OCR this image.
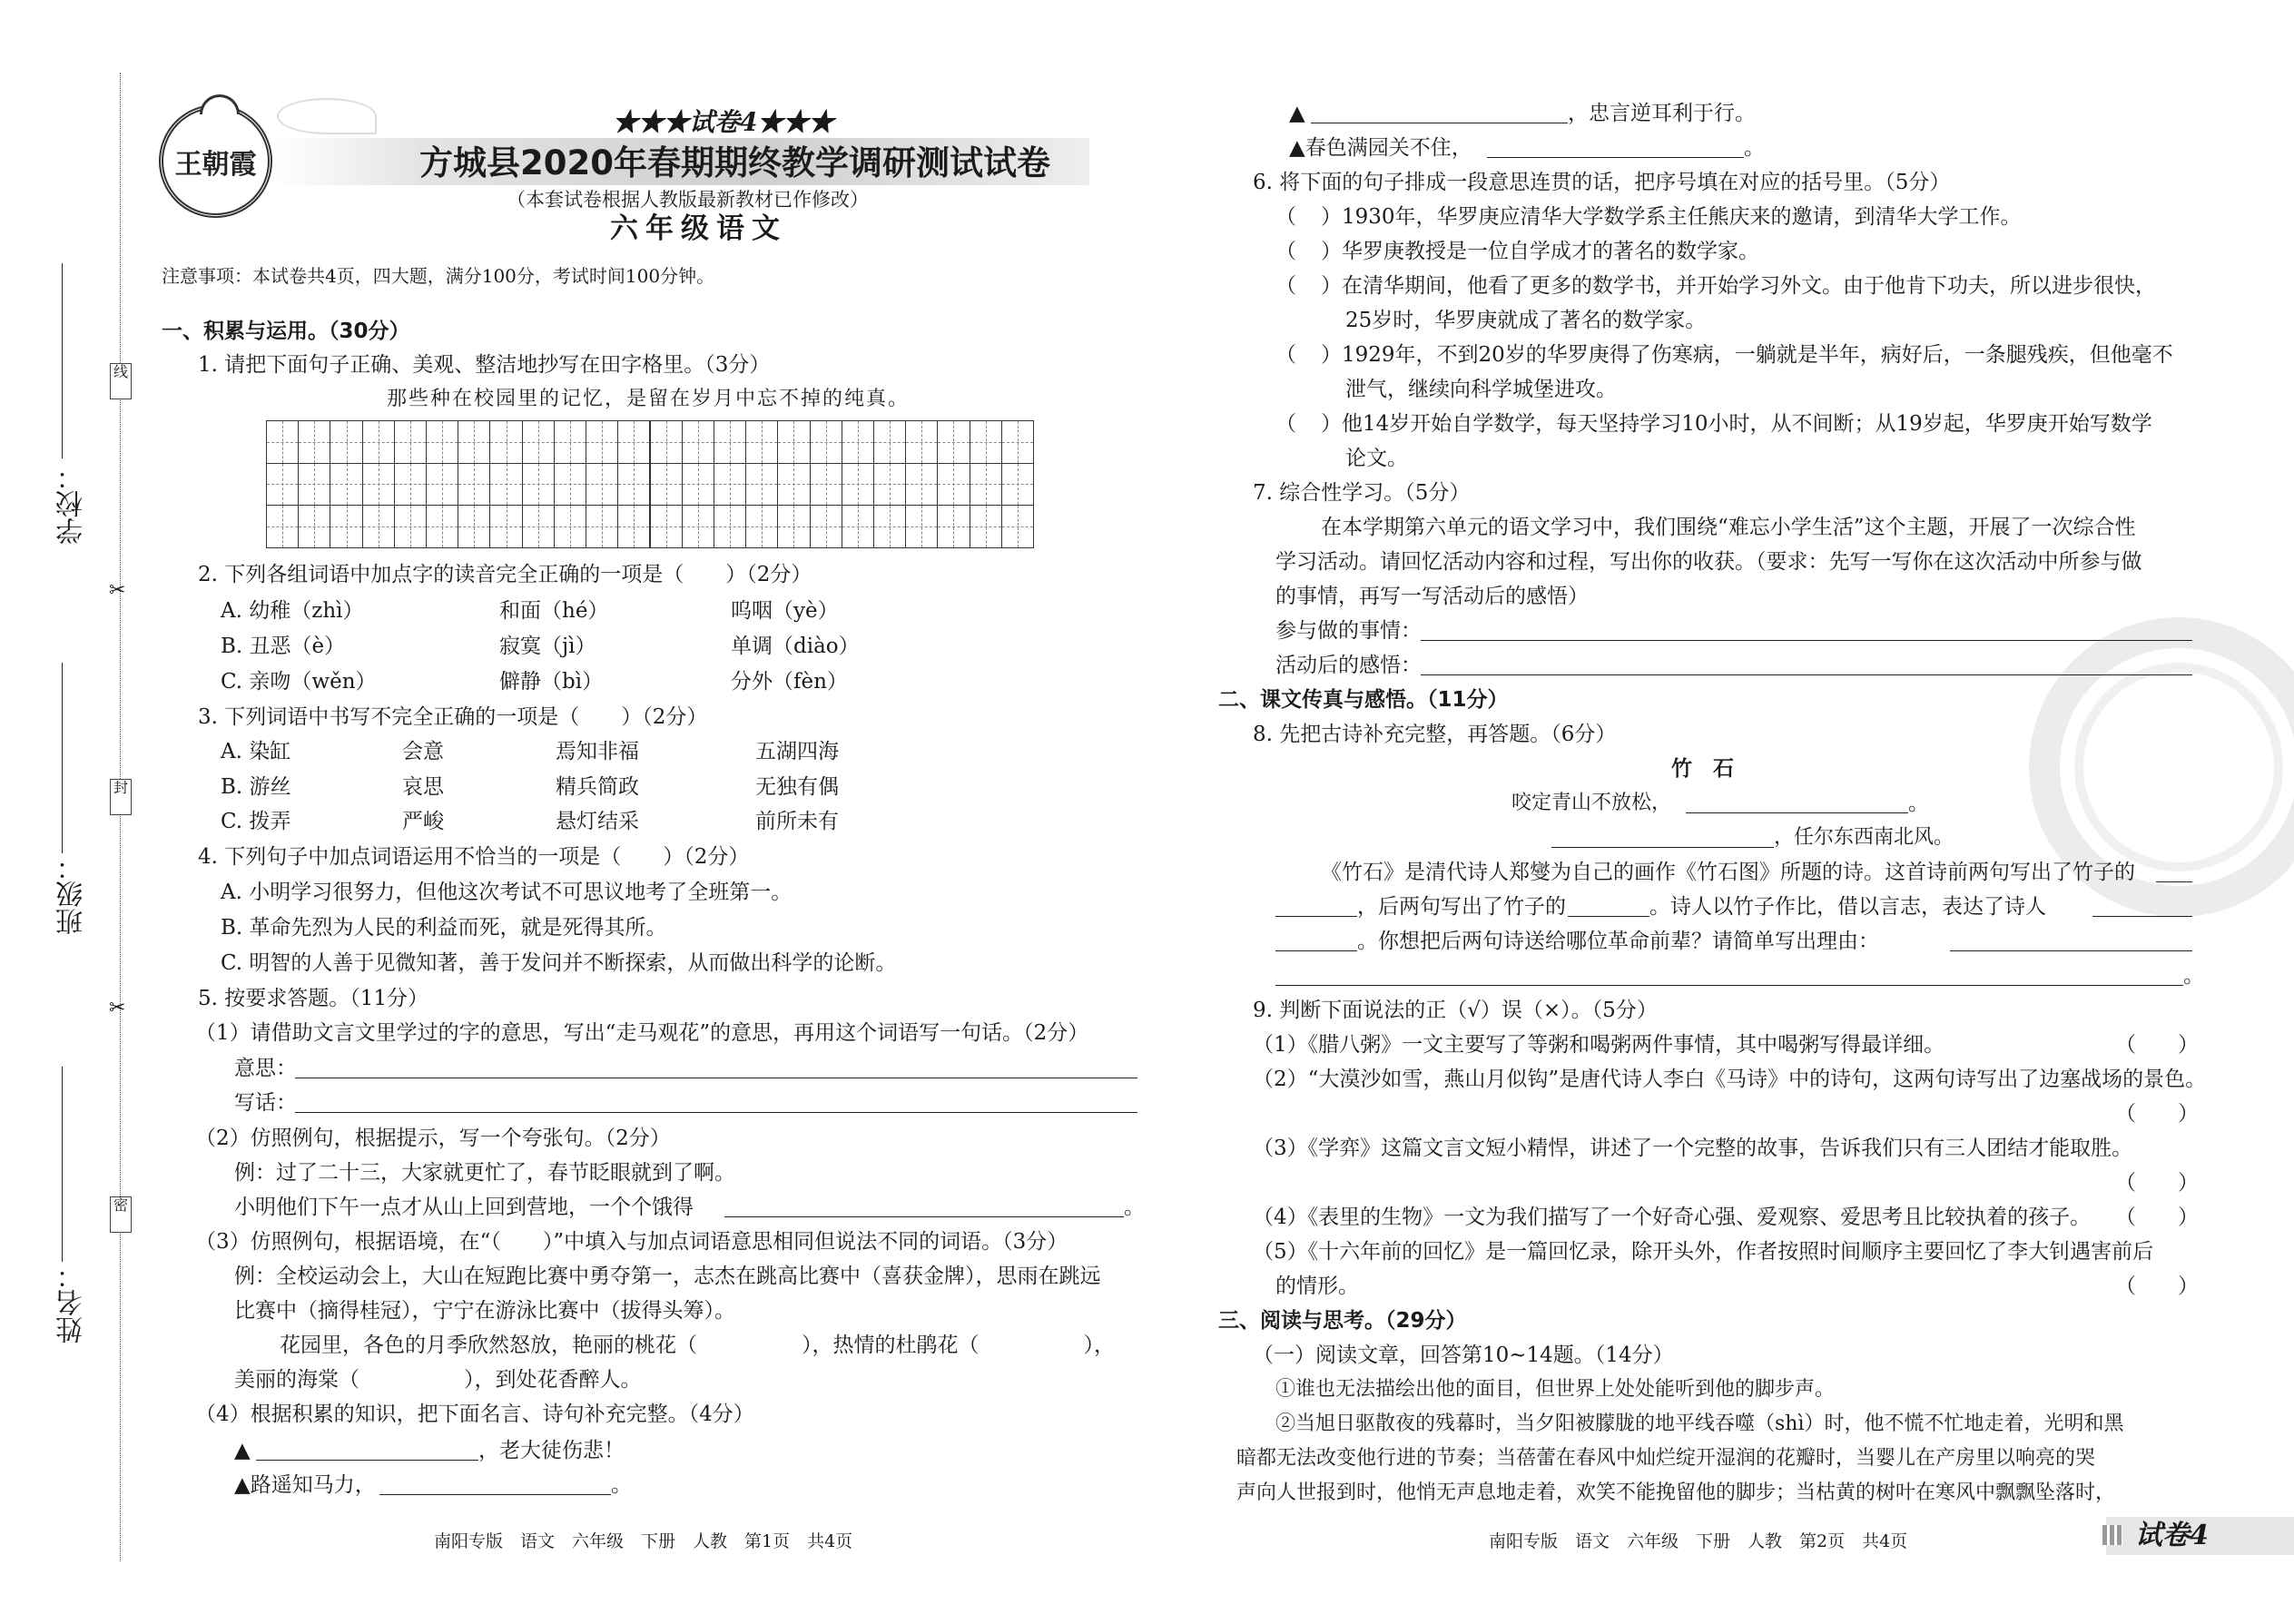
学校：
班级：
姓名：
线
封
密
✂
✂
王朝霞
★★★试卷4★★★
方城县2020年春期期终教学调研测试试卷
（本套试卷根据人教版最新教材已作修改）
六年级语文
注意事项：本试卷共4页，四大题，满分100分，考试时间100分钟。
一、积累与运用。（30分）
1. 请把下面句子正确、美观、整洁地抄写在田字格里。（3分）
那些种在校园里的记忆，是留在岁月中忘不掉的纯真。
2. 下列各组词语中加点字的读音完全正确的一项是（　　）（2分）
A. 幼稚（zhì）	和面（hé）	呜咽（yè）
B. 丑恶（è）	寂寞（jì）	单调（diào）
C. 亲吻（wěn）	僻静（bì）	分外（fèn）
3. 下列词语中书写不完全正确的一项是（　　）（2分）
A. 染缸	会意	焉知非福	五湖四海
B. 游丝	哀思	精兵简政	无独有偶
C. 拨弄	严峻	悬灯结采	前所未有
4. 下列句子中加点词语运用不恰当的一项是（　　）（2分）
A. 小明学习很努力，但他这次考试不可思议地考了全班第一。
B. 革命先烈为人民的利益而死，就是死得其所。
C. 明智的人善于见微知著，善于发问并不断探索，从而做出科学的论断。
5. 按要求答题。（11分）
（1）请借助文言文里学过的字的意思，写出“走马观花”的意思，再用这个词语写一句话。（2分）
意思：
写话：
（2）仿照例句，根据提示，写一个夸张句。（2分）
例：过了二十三，大家就更忙了，春节眨眼就到了啊。
小明他们下午一点才从山上回到营地，一个个饿得	。
（3）仿照例句，根据语境，在“（　　）”中填入与加点词语意思相同但说法不同的词语。（3分）
例：全校运动会上，大山在短跑比赛中勇夺第一，志杰在跳高比赛中（喜获金牌），思雨在跳远
比赛中（摘得桂冠），宁宁在游泳比赛中（拔得头筹）。
花园里，各色的月季欣然怒放，艳丽的桃花（　　　　　），热情的杜鹃花（　　　　　），
美丽的海棠（　　　　　），到处花香醉人。
（4）根据积累的知识，把下面名言、诗句补充完整。（4分）
▲	，老大徒伤悲！
▲路遥知马力，	。
南阳专版　语文　六年级　下册　人教　第1页　共4页
▲	，忠言逆耳利于行。
▲春色满园关不住，	。
6. 将下面的句子排成一段意思连贯的话，把序号填在对应的括号里。（5分）
（ ）1930年，华罗庚应清华大学数学系主任熊庆来的邀请，到清华大学工作。
（ ）华罗庚教授是一位自学成才的著名的数学家。
（ ）在清华期间，他看了更多的数学书，并开始学习外文。由于他肯下功夫，所以进步很快，
25岁时，华罗庚就成了著名的数学家。
（ ）1929年，不到20岁的华罗庚得了伤寒病，一躺就是半年，病好后，一条腿残疾，但他毫不
泄气，继续向科学城堡进攻。
（ ）他14岁开始自学数学，每天坚持学习10小时，从不间断；从19岁起，华罗庚开始写数学
论文。
7. 综合性学习。（5分）
在本学期第六单元的语文学习中，我们围绕“难忘小学生活”这个主题，开展了一次综合性
学习活动。请回忆活动内容和过程，写出你的收获。（要求：先写一写你在这次活动中所参与做
的事情，再写一写活动后的感悟）
参与做的事情：
活动后的感悟：
二、课文传真与感悟。（11分）
8. 先把古诗补充完整，再答题。（6分）
竹　石
咬定青山不放松，	。
，任尔东西南北风。
《竹石》是清代诗人郑燮为自己的画作《竹石图》所题的诗。这首诗前两句写出了竹子的
，后两句写出了竹子的	。诗人以竹子作比，借以言志，表达了诗人
。你想把后两句诗送给哪位革命前辈？请简单写出理由：
。
9. 判断下面说法的正（√）误（×）。（5分）
（1）《腊八粥》一文主要写了等粥和喝粥两件事情，其中喝粥写得最详细。	（　　）
（2）“大漠沙如雪，燕山月似钩”是唐代诗人李白《马诗》中的诗句，这两句诗写出了边塞战场的景色。
（　　）
（3）《学弈》这篇文言文短小精悍，讲述了一个完整的故事，告诉我们只有三人团结才能取胜。
（　　）
（4）《表里的生物》一文为我们描写了一个好奇心强、爱观察、爱思考且比较执着的孩子。 （　　）
（5）《十六年前的回忆》是一篇回忆录，除开头外，作者按照时间顺序主要回忆了李大钊遇害前后
的情形。	（　　）
三、阅读与思考。（29分）
（一）阅读文章，回答第10~14题。（14分）
①谁也无法描绘出他的面目，但世界上处处能听到他的脚步声。
②当旭日驱散夜的残幕时，当夕阳被朦胧的地平线吞噬（shì）时，他不慌不忙地走着，光明和黑
暗都无法改变他行进的节奏；当蓓蕾在春风中灿烂绽开湿润的花瓣时，当婴儿在产房里以响亮的哭
声向人世报到时，他悄无声息地走着，欢笑不能挽留他的脚步；当枯黄的树叶在寒风中飘飘坠落时，
南阳专版　语文　六年级　下册　人教　第2页　共4页	试卷4
